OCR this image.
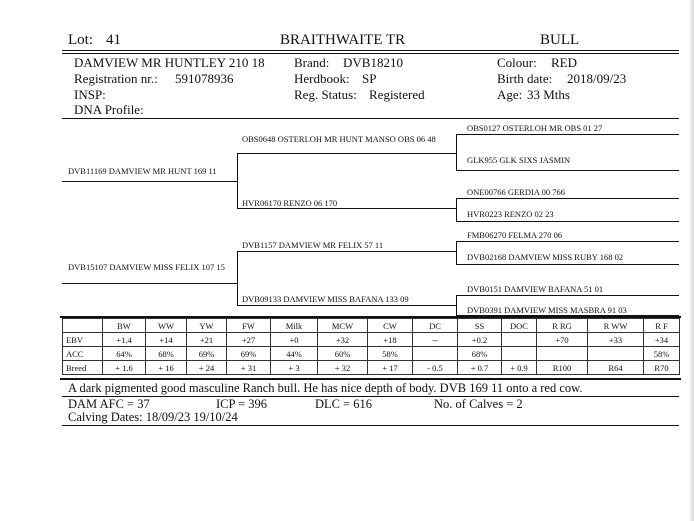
Lot: 41	BRAITHWAITE TR	BULL
DAMVIEW MR HUNTLEY 210 18 Brand: DVB18210	Colour: RED
Registration nr.: 591078936	Herdbook: SP	Birth date: 2018/09/23
INSP:	Reg. Status: Registered	Age: 33 Mths
DNA Profile:
DVB11169 DAMVIEW MR HUNT 169 11
DVB15107 DAMVIEW MISS FELIX 107 15
OBS0648 OSTERLOH MR HUNT MANSO OBS 06 48
HVR06170 RENZO 06 170
DVB1157 DAMVIEW MR FELIX 57 11
DVB09133 DAMVIEW MISS BAFANA 133 09
OBS0127 OSTERLOH MR OBS 01 27
GLK955 GLK SIXS JASMIN
ONE00766 GERDIA 00 766
HVR0223 RENZO 02 23
FMB06270 FELMA 270 06
DVB02168 DAMVIEW MISS RUBY 168 02
DVB0151 DAMVIEW BAFANA 51 01
DVB0391 DAMVIEW MISS MASBRA 91 03
	BW	WW	YW	FW	Milk	MCW	CW	DC	SS	DOC	R RG	R WW	R F
EBV	+1.4	+14	+21	+27	+0	+32	+18	--	+0.2		+70	+33	+34
ACC	64%	68%	69%	69%	44%	60%	58%		68%				58%
Breed	+ 1.6	+ 16	+ 24	+ 31	+ 3	+ 32	+ 17	- 0.5	+ 0.7	+ 0.9	R100	R64	R70
A dark pigmented good masculine Ranch bull. He has nice depth of body. DVB 169 11 onto a red cow.
DAM AFC = 37	ICP = 396	DLC = 616	No. of Calves = 2
Calving Dates: 18/09/23 19/10/24
